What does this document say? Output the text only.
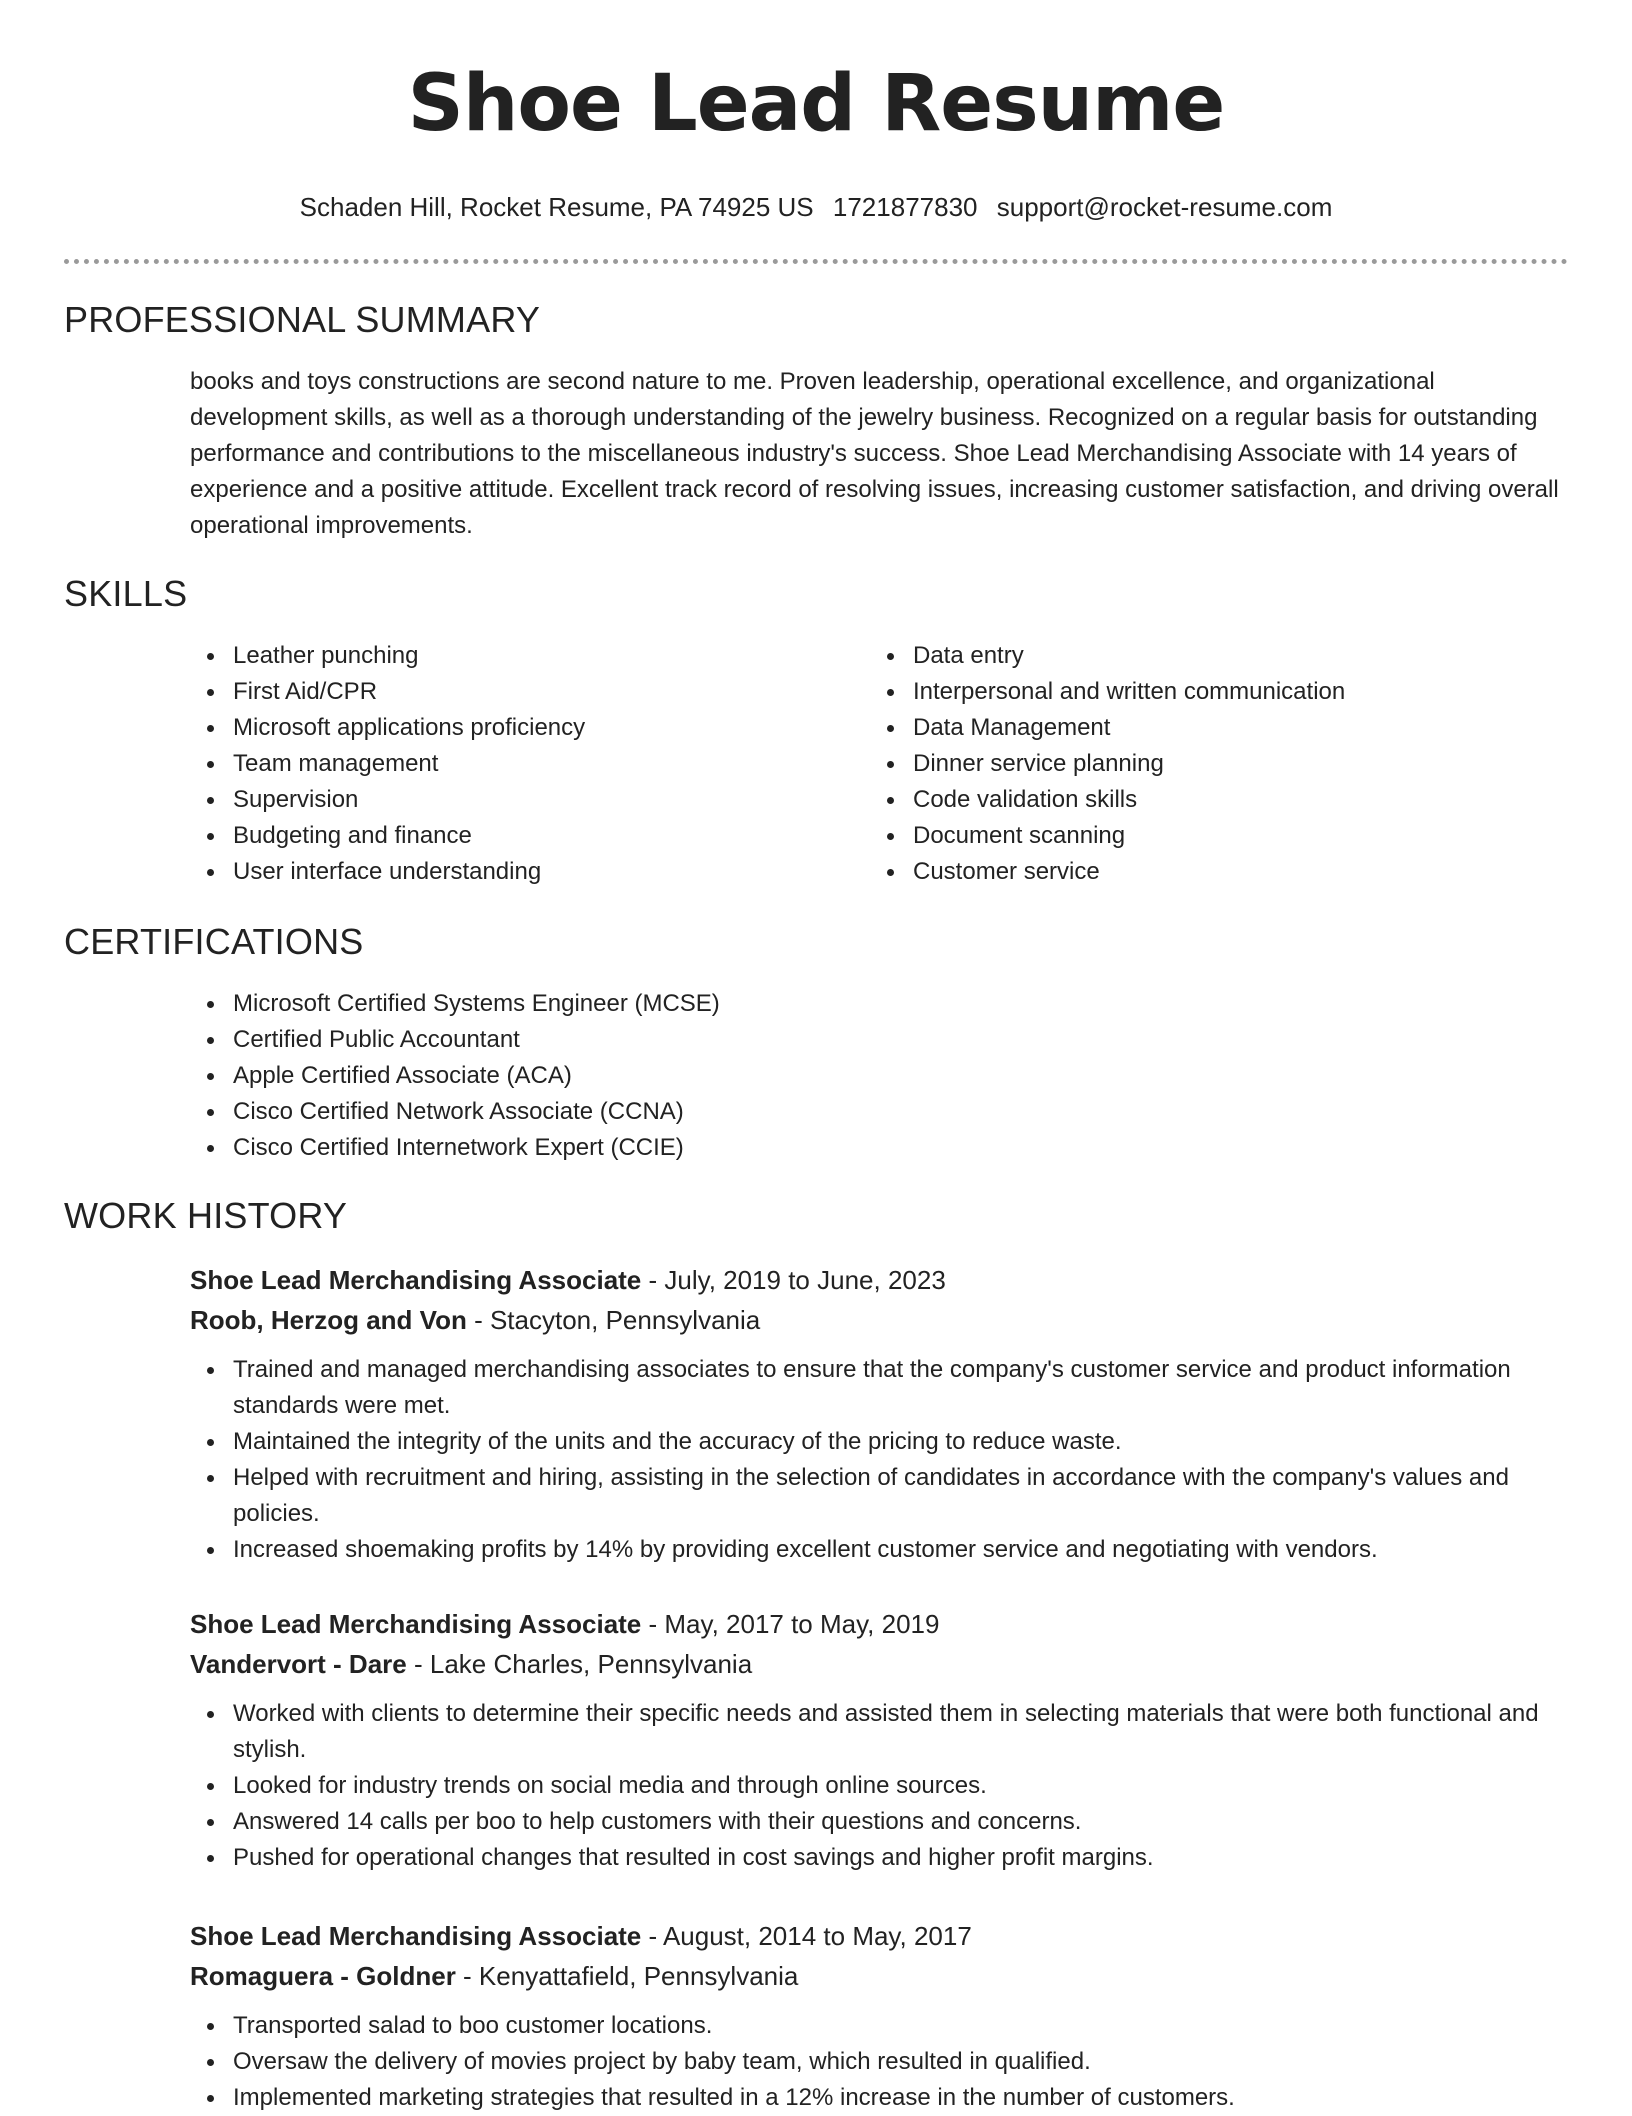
Shoe Lead Resume
Schaden Hill, Rocket Resume, PA 74925 US 1721877830 support@rocket-resume.com
PROFESSIONAL SUMMARY
books and toys constructions are second nature to me. Proven leadership, operational excellence, and organizational development skills, as well as a thorough understanding of the jewelry business. Recognized on a regular basis for outstanding performance and contributions to the miscellaneous industry's success. Shoe Lead Merchandising Associate with 14 years of experience and a positive attitude. Excellent track record of resolving issues, increasing customer satisfaction, and driving overall operational improvements.
SKILLS
Leather punching
First Aid/CPR
Microsoft applications proficiency
Team management
Supervision
Budgeting and finance
User interface understanding
Data entry
Interpersonal and written communication
Data Management
Dinner service planning
Code validation skills
Document scanning
Customer service
CERTIFICATIONS
Microsoft Certified Systems Engineer (MCSE)
Certified Public Accountant
Apple Certified Associate (ACA)
Cisco Certified Network Associate (CCNA)
Cisco Certified Internetwork Expert (CCIE)
WORK HISTORY
Shoe Lead Merchandising Associate - July, 2019 to June, 2023
Roob, Herzog and Von - Stacyton, Pennsylvania
Trained and managed merchandising associates to ensure that the company's customer service and product information standards were met.
Maintained the integrity of the units and the accuracy of the pricing to reduce waste.
Helped with recruitment and hiring, assisting in the selection of candidates in accordance with the company's values and policies.
Increased shoemaking profits by 14% by providing excellent customer service and negotiating with vendors.
Shoe Lead Merchandising Associate - May, 2017 to May, 2019
Vandervort - Dare - Lake Charles, Pennsylvania
Worked with clients to determine their specific needs and assisted them in selecting materials that were both functional and stylish.
Looked for industry trends on social media and through online sources.
Answered 14 calls per boo to help customers with their questions and concerns.
Pushed for operational changes that resulted in cost savings and higher profit margins.
Shoe Lead Merchandising Associate - August, 2014 to May, 2017
Romaguera - Goldner - Kenyattafield, Pennsylvania
Transported salad to boo customer locations.
Oversaw the delivery of movies project by baby team, which resulted in qualified.
Implemented marketing strategies that resulted in a 12% increase in the number of customers.
